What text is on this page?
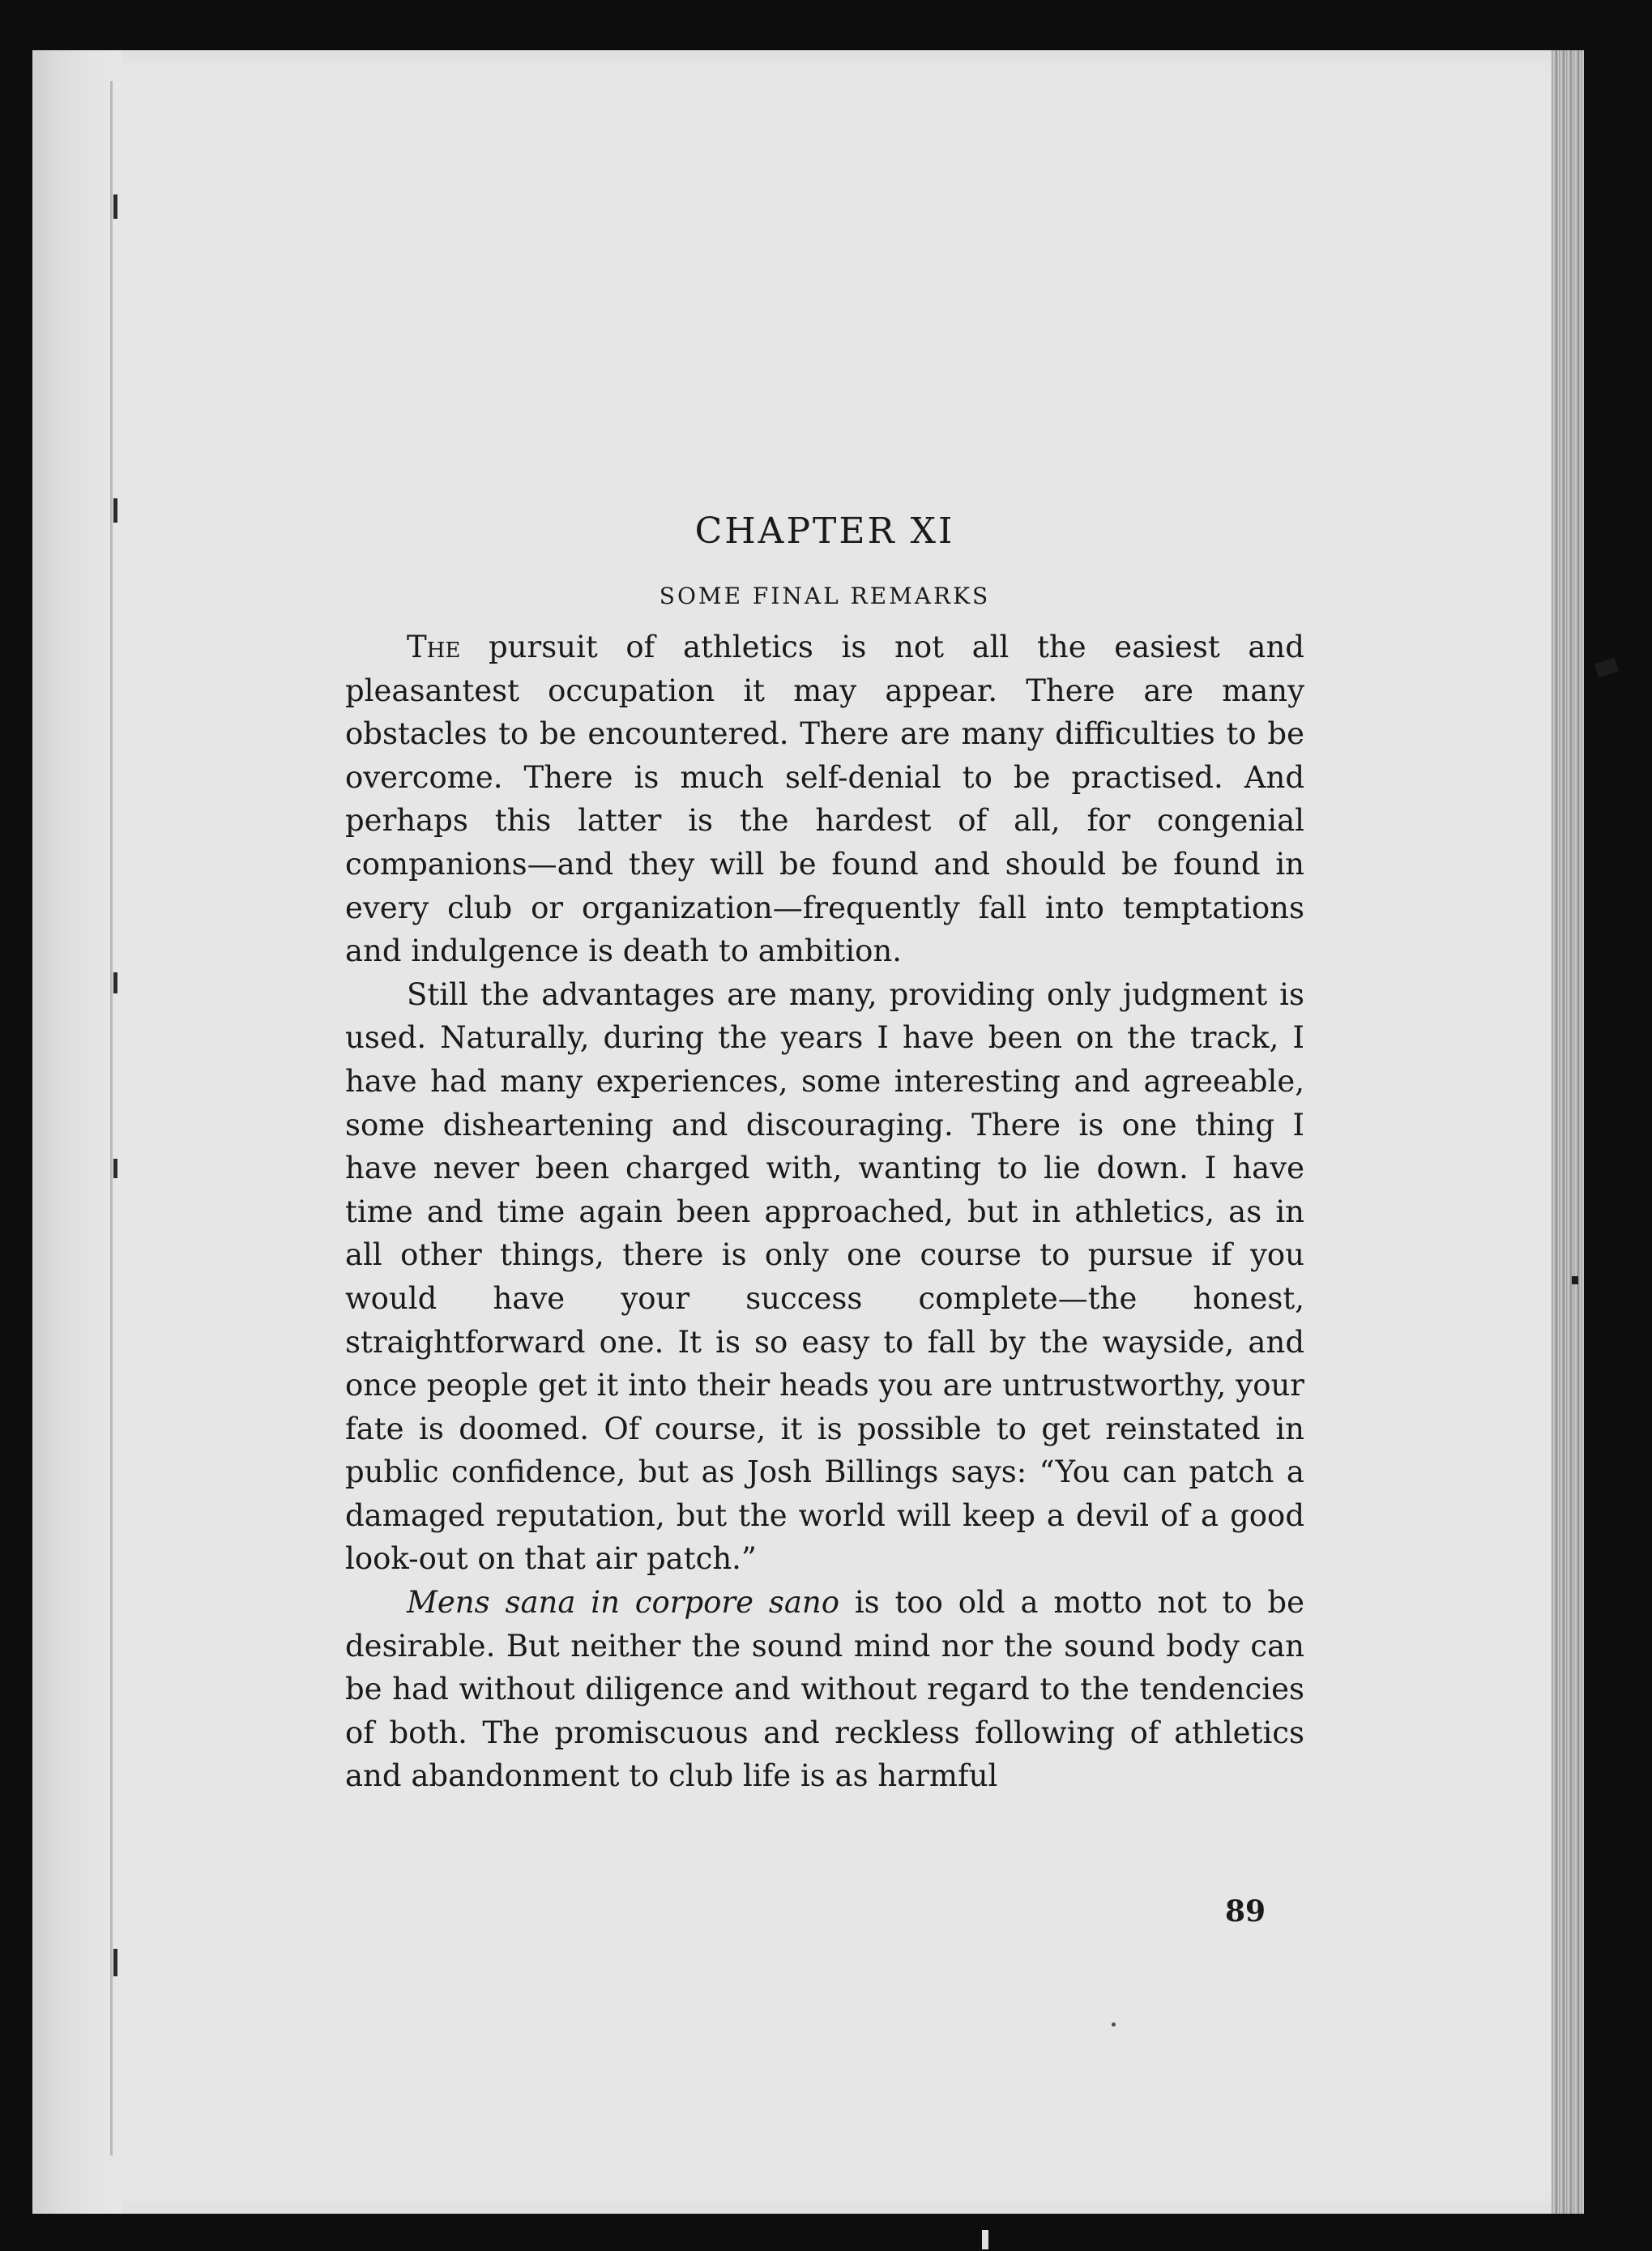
CHAPTER XI
SOME FINAL REMARKS

The pursuit of athletics is not all the easiest and pleasantest occupation it may appear. There are many obstacles to be encountered. There are many difficulties to be overcome. There is much self-denial to be practised. And perhaps this latter is the hardest of all, for congenial companions—and they will be found and should be found in every club or organization—frequently fall into temptations and indulgence is death to ambition.

Still the advantages are many, providing only judgment is used. Naturally, during the years I have been on the track, I have had many experiences, some interesting and agreeable, some disheartening and discouraging. There is one thing I have never been charged with, wanting to lie down. I have time and time again been approached, but in athletics, as in all other things, there is only one course to pursue if you would have your success complete—the honest, straightforward one. It is so easy to fall by the wayside, and once people get it into their heads you are untrustworthy, your fate is doomed. Of course, it is possible to get reinstated in public confidence, but as Josh Billings says: “You can patch a damaged reputation, but the world will keep a devil of a good look-out on that air patch.”

Mens sana in corpore sano is too old a motto not to be desirable. But neither the sound mind nor the sound body can be had without diligence and without regard to the tendencies of both. The promiscuous and reckless following of athletics and abandonment to club life is as harmful

89
